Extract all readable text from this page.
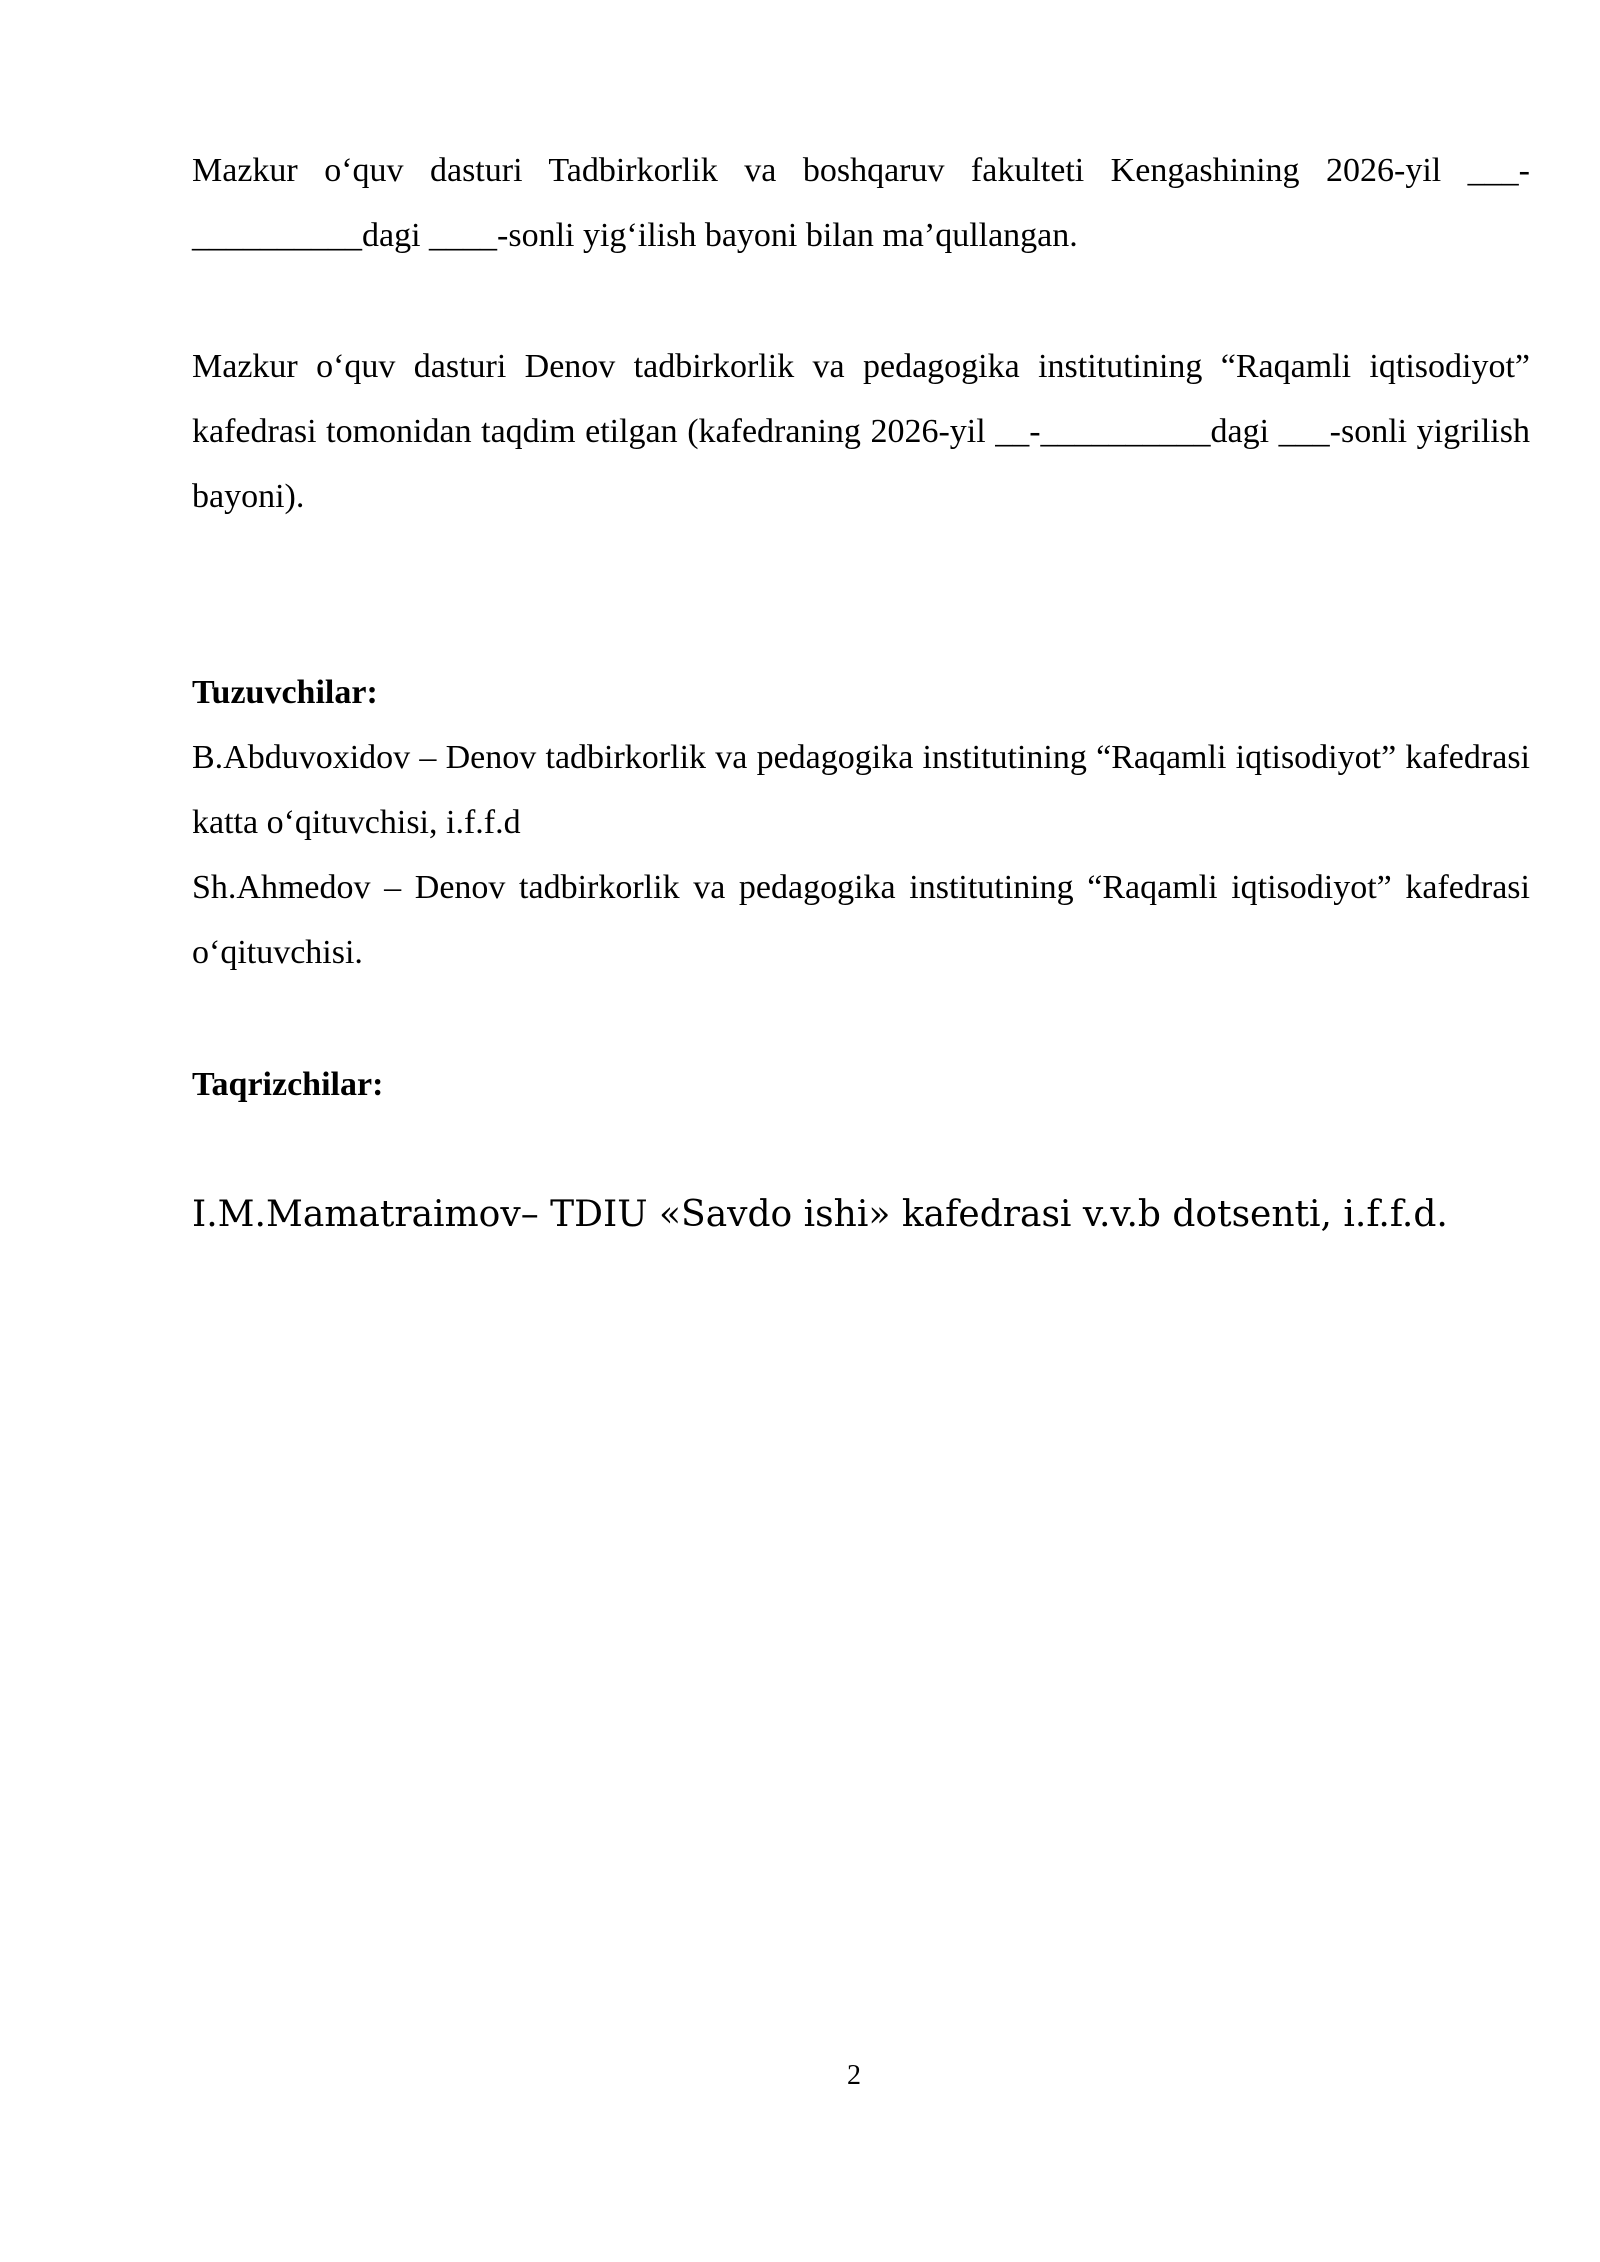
Mazkur o‘quv dasturi Tadbirkorlik va boshqaruv fakulteti Kengashining 2026-yil ___-__________dagi ____-sonli yig‘ilish bayoni bilan ma’qullangan.

Mazkur o‘quv dasturi Denov tadbirkorlik va pedagogika institutining “Raqamli iqtisodiyot” kafedrasi tomonidan taqdim etilgan (kafedraning 2026-yil __-__________dagi ___-sonli yigrilish bayoni).

Tuzuvchilar:

B.Abduvoxidov – Denov tadbirkorlik va pedagogika institutining “Raqamli iqtisodiyot” kafedrasi katta o‘qituvchisi, i.f.f.d

Sh.Ahmedov – Denov tadbirkorlik va pedagogika institutining “Raqamli iqtisodiyot” kafedrasi o‘qituvchisi.

Taqrizchilar:

I.M.Mamatraimov– TDIU «Savdo ishi» kafedrasi v.v.b dotsenti, i.f.f.d.

2
